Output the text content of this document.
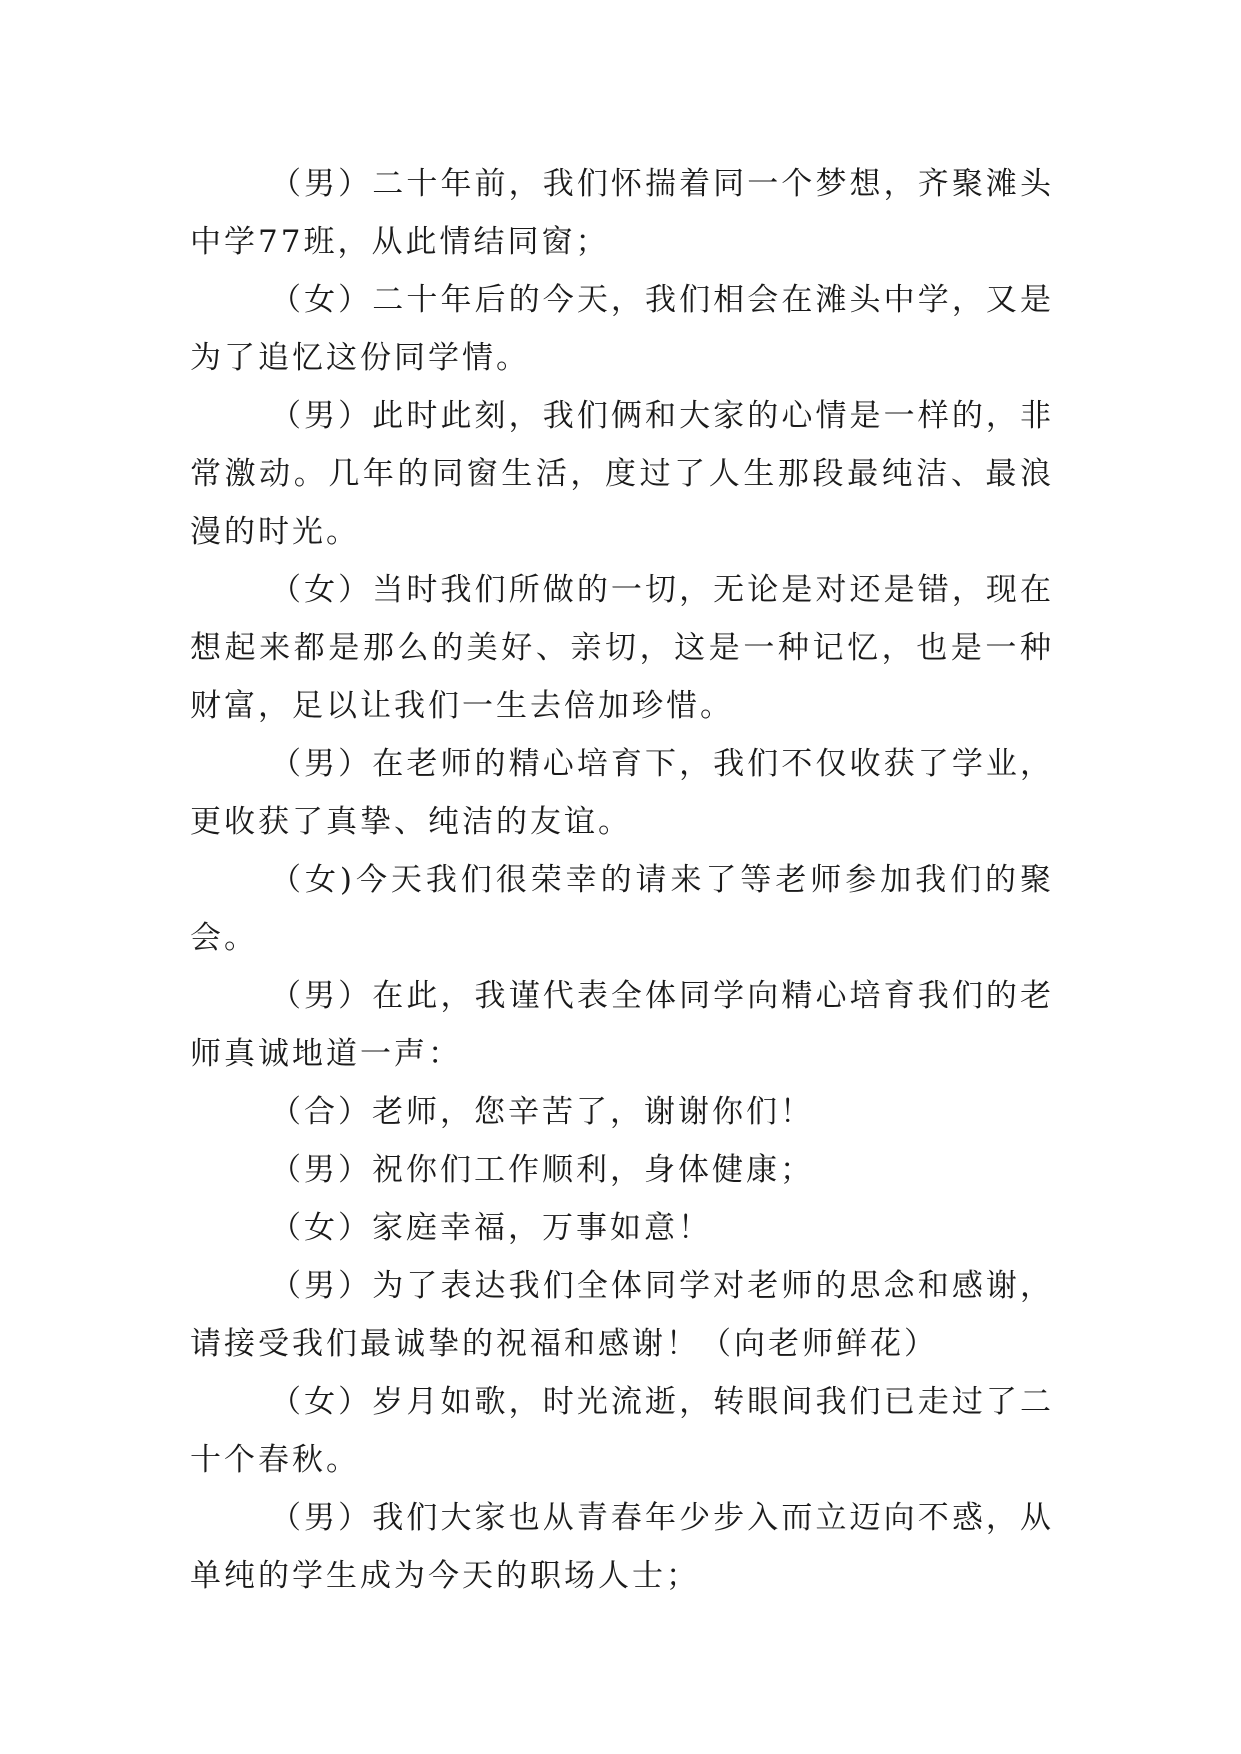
（男）二十年前，我们怀揣着同一个梦想，齐聚滩头中学77班，从此情结同窗；

（女）二十年后的今天，我们相会在滩头中学，又是为了追忆这份同学情。

（男）此时此刻，我们俩和大家的心情是一样的，非常激动。几年的同窗生活，度过了人生那段最纯洁、最浪漫的时光。

（女）当时我们所做的一切，无论是对还是错，现在想起来都是那么的美好、亲切，这是一种记忆，也是一种财富，足以让我们一生去倍加珍惜。

（男）在老师的精心培育下，我们不仅收获了学业，更收获了真挚、纯洁的友谊。

（女)今天我们很荣幸的请来了等老师参加我们的聚会。

（男）在此，我谨代表全体同学向精心培育我们的老师真诚地道一声：

（合）老师，您辛苦了，谢谢你们！

（男）祝你们工作顺利，身体健康；

（女）家庭幸福，万事如意！

（男）为了表达我们全体同学对老师的思念和感谢，请接受我们最诚挚的祝福和感谢！（向老师鲜花）

（女）岁月如歌，时光流逝，转眼间我们已走过了二十个春秋。

（男）我们大家也从青春年少步入而立迈向不惑，从单纯的学生成为今天的职场人士；
